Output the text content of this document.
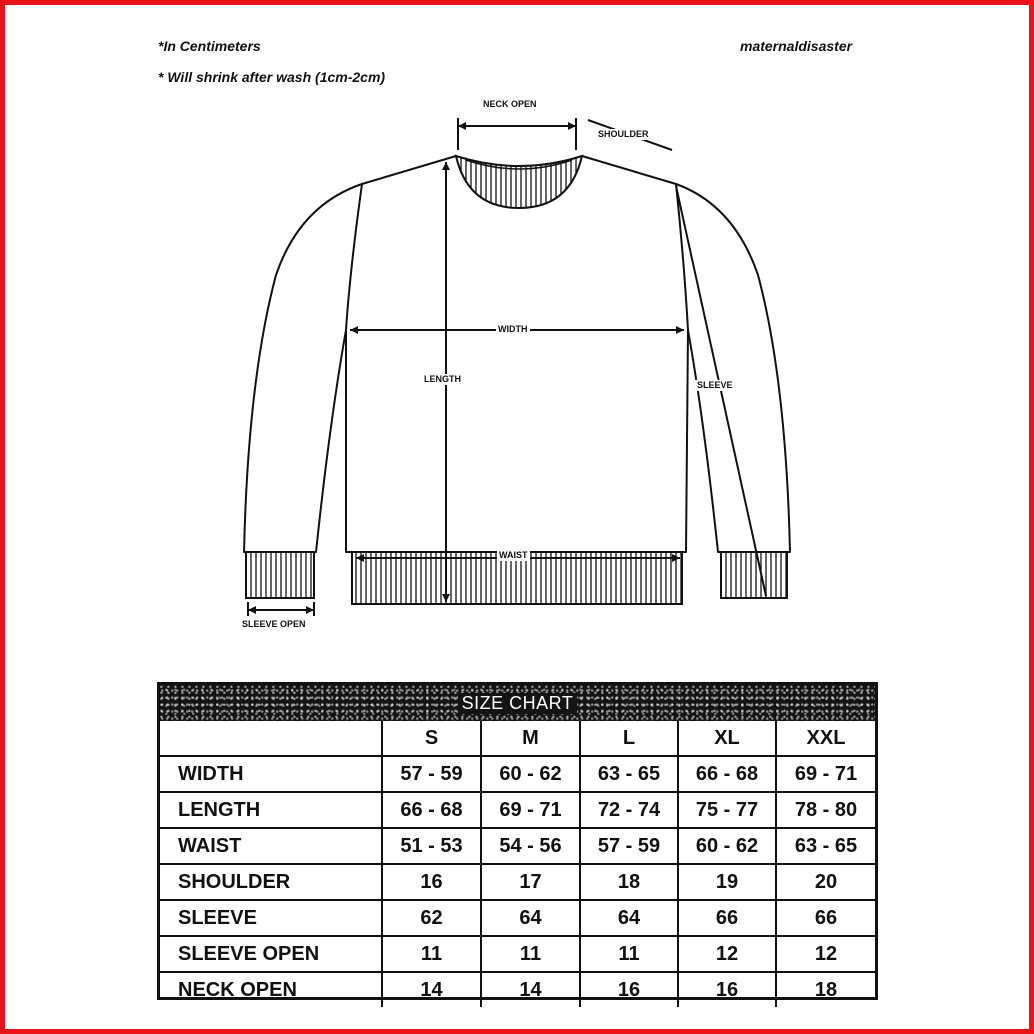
*In Centimeters
* Will shrink after wash (1cm-2cm)
maternaldisaster
NECK OPEN
SHOULDER
WIDTH
LENGTH
SLEEVE
WAIST
SLEEVE OPEN
SIZE CHART
	S	M	L	XL	XXL
WIDTH	57 - 59	60 - 62	63 - 65	66 - 68	69 - 71
LENGTH	66 - 68	69 - 71	72 - 74	75 - 77	78 - 80
WAIST	51 - 53	54 - 56	57 - 59	60 - 62	63 - 65
SHOULDER	16	17	18	19	20
SLEEVE	62	64	64	66	66
SLEEVE OPEN	11	11	11	12	12
NECK OPEN	14	14	16	16	18
